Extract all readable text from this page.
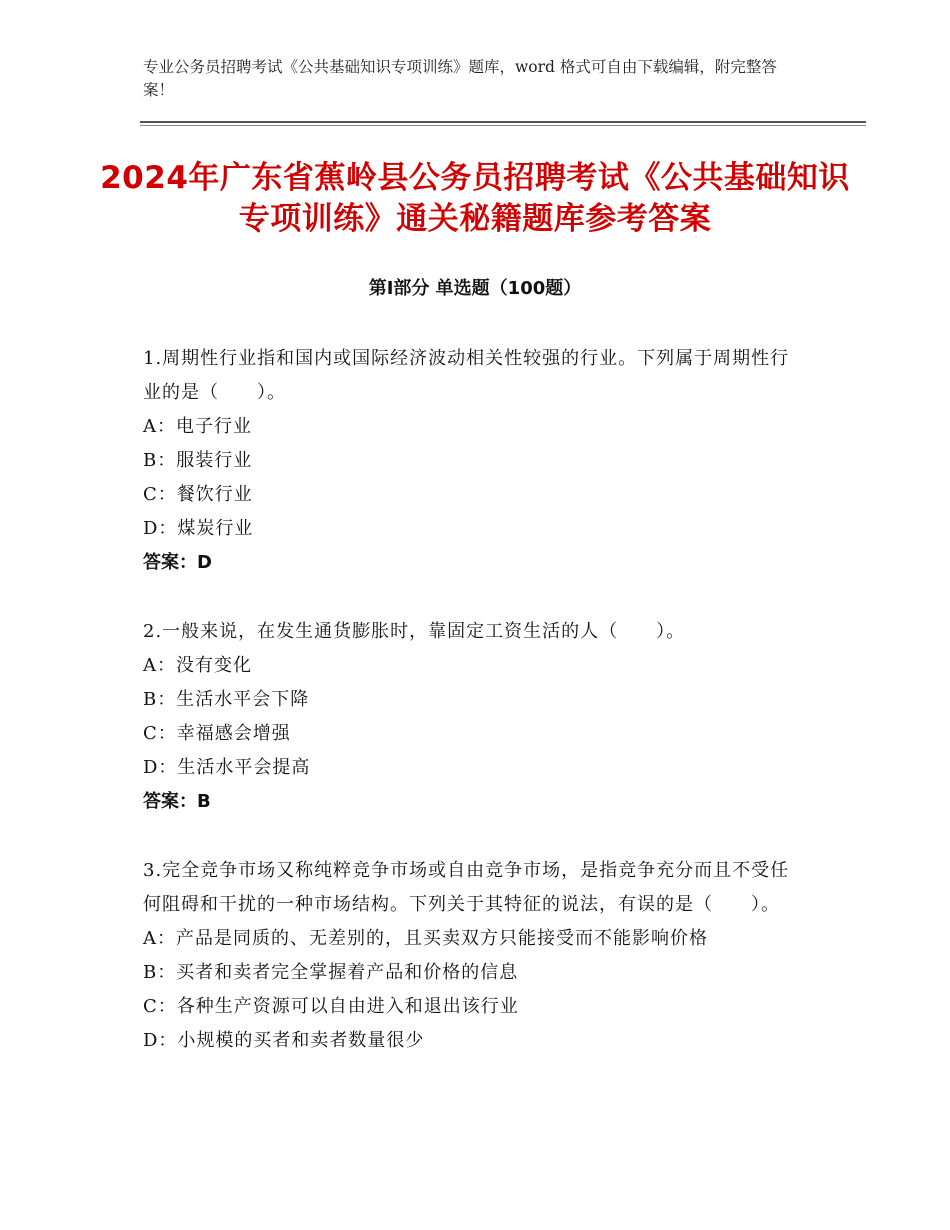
专业公务员招聘考试《公共基础知识专项训练》题库，word 格式可自由下载编辑，附完整答案！
2024年广东省蕉岭县公务员招聘考试《公共基础知识专项训练》通关秘籍题库参考答案
第Ⅰ部分 单选题（100题）
1.周期性行业指和国内或国际经济波动相关性较强的行业。下列属于周期性行业的是（　　）。
A：电子行业
B：服装行业
C：餐饮行业
D：煤炭行业
答案：D
2.一般来说，在发生通货膨胀时，靠固定工资生活的人（　　）。
A：没有变化
B：生活水平会下降
C：幸福感会增强
D：生活水平会提高
答案：B
3.完全竞争市场又称纯粹竞争市场或自由竞争市场，是指竞争充分而且不受任何阻碍和干扰的一种市场结构。下列关于其特征的说法，有误的是（　　）。
A：产品是同质的、无差别的，且买卖双方只能接受而不能影响价格
B：买者和卖者完全掌握着产品和价格的信息
C：各种生产资源可以自由进入和退出该行业
D：小规模的买者和卖者数量很少
